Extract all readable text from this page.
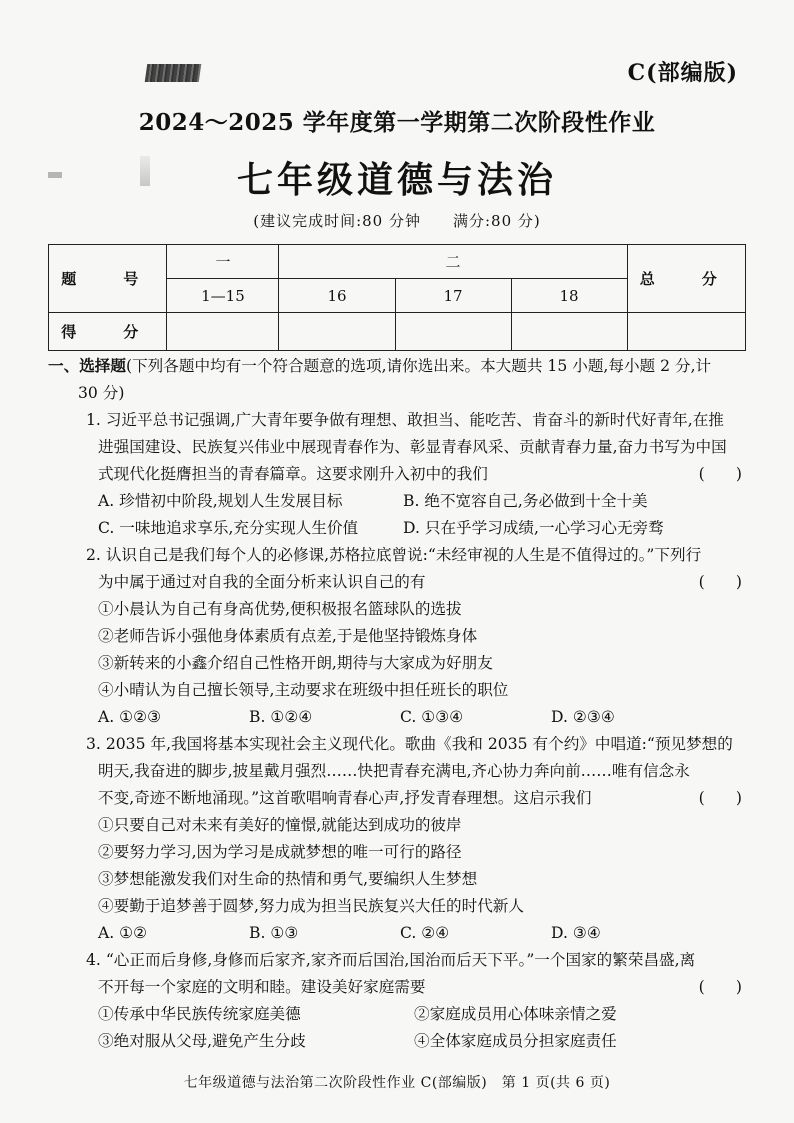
C(部编版)
2024～2025 学年度第一学期第二次阶段性作业
七年级道德与法治
(建议完成时间:80 分钟　　满分:80 分)
题　号	一	二			总　分
	1—15	16	17	18	
得　分					
一、选择题(下列各题中均有一个符合题意的选项,请你选出来。本大题共 15 小题,每小题 2 分,计
30 分)
1. 习近平总书记强调,广大青年要争做有理想、敢担当、能吃苦、肯奋斗的新时代好青年,在推
进强国建设、民族复兴伟业中展现青春作为、彰显青春风采、贡献青春力量,奋力书写为中国
式现代化挺膺担当的青春篇章。这要求刚升入初中的我们	(　　)
A. 珍惜初中阶段,规划人生发展目标	B. 绝不宽容自己,务必做到十全十美
C. 一味地追求享乐,充分实现人生价值	D. 只在乎学习成绩,一心学习心无旁骛
2. 认识自己是我们每个人的必修课,苏格拉底曾说:“未经审视的人生是不值得过的。”下列行
为中属于通过对自我的全面分析来认识自己的有	(　　)
①小晨认为自己有身高优势,便积极报名篮球队的选拔
②老师告诉小强他身体素质有点差,于是他坚持锻炼身体
③新转来的小鑫介绍自己性格开朗,期待与大家成为好朋友
④小晴认为自己擅长领导,主动要求在班级中担任班长的职位
A. ①②③	B. ①②④	C. ①③④	D. ②③④
3. 2035 年,我国将基本实现社会主义现代化。歌曲《我和 2035 有个约》中唱道:“预见梦想的
明天,我奋进的脚步,披星戴月强烈……快把青春充满电,齐心协力奔向前……唯有信念永
不变,奇迹不断地涌现。”这首歌唱响青春心声,抒发青春理想。这启示我们	(　　)
①只要自己对未来有美好的憧憬,就能达到成功的彼岸
②要努力学习,因为学习是成就梦想的唯一可行的路径
③梦想能激发我们对生命的热情和勇气,要编织人生梦想
④要勤于追梦善于圆梦,努力成为担当民族复兴大任的时代新人
A. ①②	B. ①③	C. ②④	D. ③④
4. “心正而后身修,身修而后家齐,家齐而后国治,国治而后天下平。”一个国家的繁荣昌盛,离
不开每一个家庭的文明和睦。建设美好家庭需要	(　　)
①传承中华民族传统家庭美德	②家庭成员用心体味亲情之爱
③绝对服从父母,避免产生分歧	④全体家庭成员分担家庭责任
七年级道德与法治第二次阶段性作业 C(部编版)　第 1 页(共 6 页)
